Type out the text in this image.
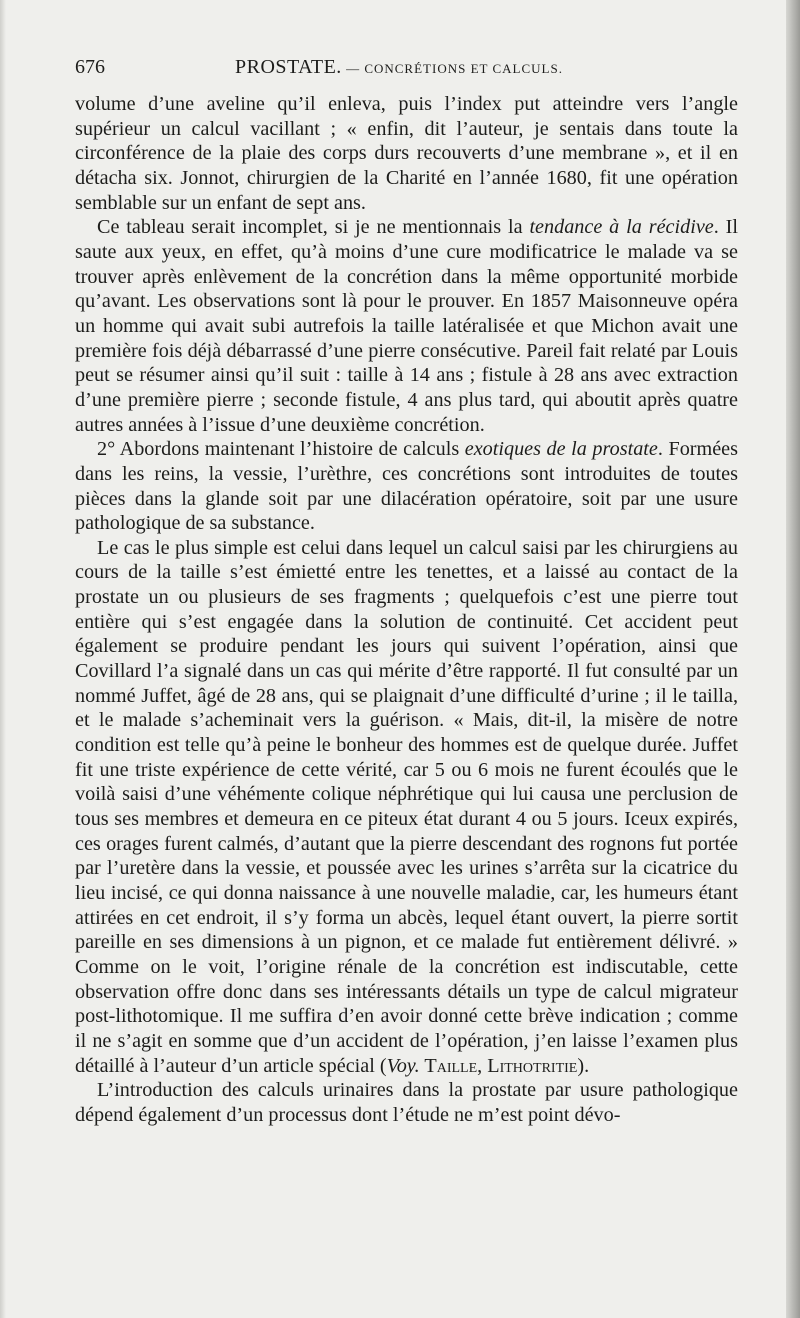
676	PROSTATE. — CONCRÉTIONS ET CALCULS.

volume d’une aveline qu’il enleva, puis l’index put atteindre vers l’angle supérieur un calcul vacillant ; « enfin, dit l’auteur, je sentais dans toute la circonférence de la plaie des corps durs recouverts d’une membrane », et il en détacha six. Jonnot, chirurgien de la Charité en l’année 1680, fit une opération semblable sur un enfant de sept ans.

Ce tableau serait incomplet, si je ne mentionnais la tendance à la récidive. Il saute aux yeux, en effet, qu’à moins d’une cure modificatrice le malade va se trouver après enlèvement de la concrétion dans la même opportunité morbide qu’avant. Les observations sont là pour le prouver. En 1857 Maisonneuve opéra un homme qui avait subi autrefois la taille latéralisée et que Michon avait une première fois déjà débarrassé d’une pierre consécutive. Pareil fait relaté par Louis peut se résumer ainsi qu’il suit : taille à 14 ans ; fistule à 28 ans avec extraction d’une première pierre ; seconde fistule, 4 ans plus tard, qui aboutit après quatre autres années à l’issue d’une deuxième concrétion.

2° Abordons maintenant l’histoire de calculs exotiques de la prostate. Formées dans les reins, la vessie, l’urèthre, ces concrétions sont introduites de toutes pièces dans la glande soit par une dilacération opératoire, soit par une usure pathologique de sa substance.

Le cas le plus simple est celui dans lequel un calcul saisi par les chirurgiens au cours de la taille s’est émietté entre les tenettes, et a laissé au contact de la prostate un ou plusieurs de ses fragments ; quelquefois c’est une pierre tout entière qui s’est engagée dans la solution de continuité. Cet accident peut également se produire pendant les jours qui suivent l’opération, ainsi que Covillard l’a signalé dans un cas qui mérite d’être rapporté. Il fut consulté par un nommé Juffet, âgé de 28 ans, qui se plaignait d’une difficulté d’urine ; il le tailla, et le malade s’acheminait vers la guérison. « Mais, dit-il, la misère de notre condition est telle qu’à peine le bonheur des hommes est de quelque durée. Juffet fit une triste expérience de cette vérité, car 5 ou 6 mois ne furent écoulés que le voilà saisi d’une véhémente colique néphrétique qui lui causa une perclusion de tous ses membres et demeura en ce piteux état durant 4 ou 5 jours. Iceux expirés, ces orages furent calmés, d’autant que la pierre descendant des rognons fut portée par l’uretère dans la vessie, et poussée avec les urines s’arrêta sur la cicatrice du lieu incisé, ce qui donna naissance à une nouvelle maladie, car, les humeurs étant attirées en cet endroit, il s’y forma un abcès, lequel étant ouvert, la pierre sortit pareille en ses dimensions à un pignon, et ce malade fut entièrement délivré. » Comme on le voit, l’origine rénale de la concrétion est indiscutable, cette observation offre donc dans ses intéressants détails un type de calcul migrateur post-lithotomique. Il me suffira d’en avoir donné cette brève indication ; comme il ne s’agit en somme que d’un accident de l’opération, j’en laisse l’examen plus détaillé à l’auteur d’un article spécial (Voy. Taille, Lithotritie).

L’introduction des calculs urinaires dans la prostate par usure pathologique dépend également d’un processus dont l’étude ne m’est point dévo-
